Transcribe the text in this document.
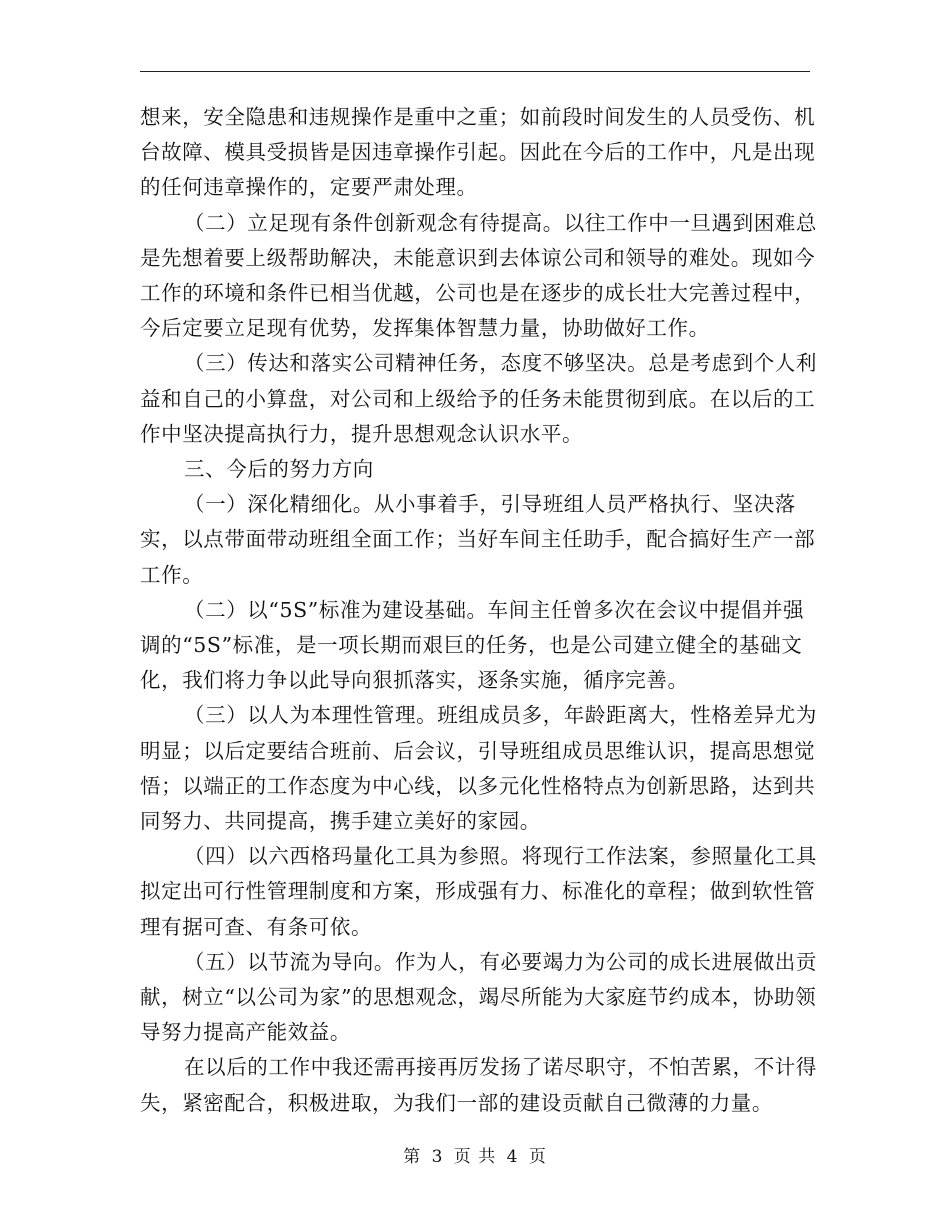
想来，安全隐患和违规操作是重中之重；如前段时间发生的人员受伤、机台故障、模具受损皆是因违章操作引起。因此在今后的工作中，凡是出现的任何违章操作的，定要严肃处理。

（二）立足现有条件创新观念有待提高。以往工作中一旦遇到困难总是先想着要上级帮助解决，未能意识到去体谅公司和领导的难处。现如今工作的环境和条件已相当优越，公司也是在逐步的成长壮大完善过程中，今后定要立足现有优势，发挥集体智慧力量，协助做好工作。

（三）传达和落实公司精神任务，态度不够坚决。总是考虑到个人利益和自己的小算盘，对公司和上级给予的任务未能贯彻到底。在以后的工作中坚决提高执行力，提升思想观念认识水平。

三、今后的努力方向

（一）深化精细化。从小事着手，引导班组人员严格执行、坚决落实，以点带面带动班组全面工作；当好车间主任助手，配合搞好生产一部工作。

（二）以“5S”标准为建设基础。车间主任曾多次在会议中提倡并强调的“5S”标准，是一项长期而艰巨的任务，也是公司建立健全的基础文化，我们将力争以此导向狠抓落实，逐条实施，循序完善。

（三）以人为本理性管理。班组成员多，年龄距离大，性格差异尤为明显；以后定要结合班前、后会议，引导班组成员思维认识，提高思想觉悟；以端正的工作态度为中心线，以多元化性格特点为创新思路，达到共同努力、共同提高，携手建立美好的家园。

（四）以六西格玛量化工具为参照。将现行工作法案，参照量化工具拟定出可行性管理制度和方案，形成强有力、标准化的章程；做到软性管理有据可查、有条可依。

（五）以节流为导向。作为人，有必要竭力为公司的成长进展做出贡献，树立“以公司为家”的思想观念，竭尽所能为大家庭节约成本，协助领导努力提高产能效益。

在以后的工作中我还需再接再厉发扬了诺尽职守，不怕苦累，不计得失，紧密配合，积极进取，为我们一部的建设贡献自己微薄的力量。

第 3 页 共 4 页
